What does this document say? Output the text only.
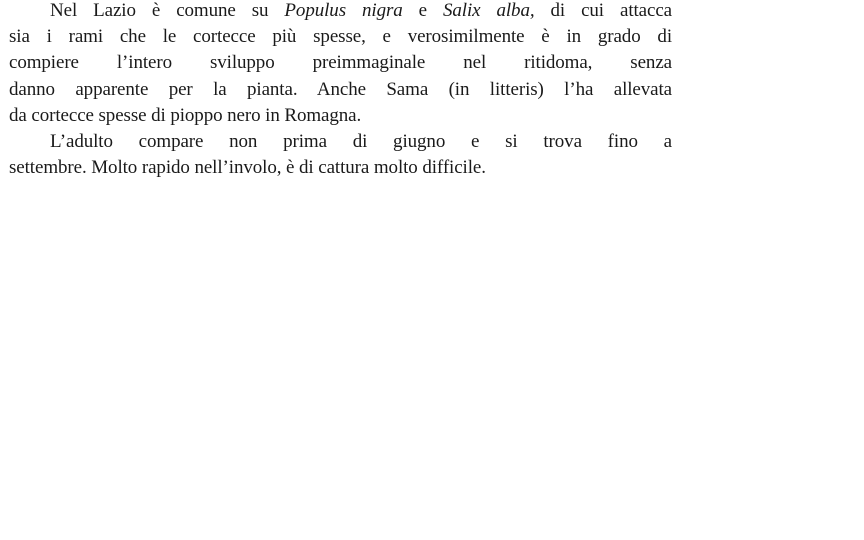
Nel Lazio è comune su Populus nigra e Salix alba, di cui attacca
sia i rami che le cortecce più spesse, e verosimilmente è in grado di
compiere l’intero sviluppo preimmaginale nel ritidoma, senza
danno apparente per la pianta. Anche Sama (in litteris) l’ha allevata
da cortecce spesse di pioppo nero in Romagna.
L’adulto compare non prima di giugno e si trova fino a
settembre. Molto rapido nell’involo, è di cattura molto difficile.
